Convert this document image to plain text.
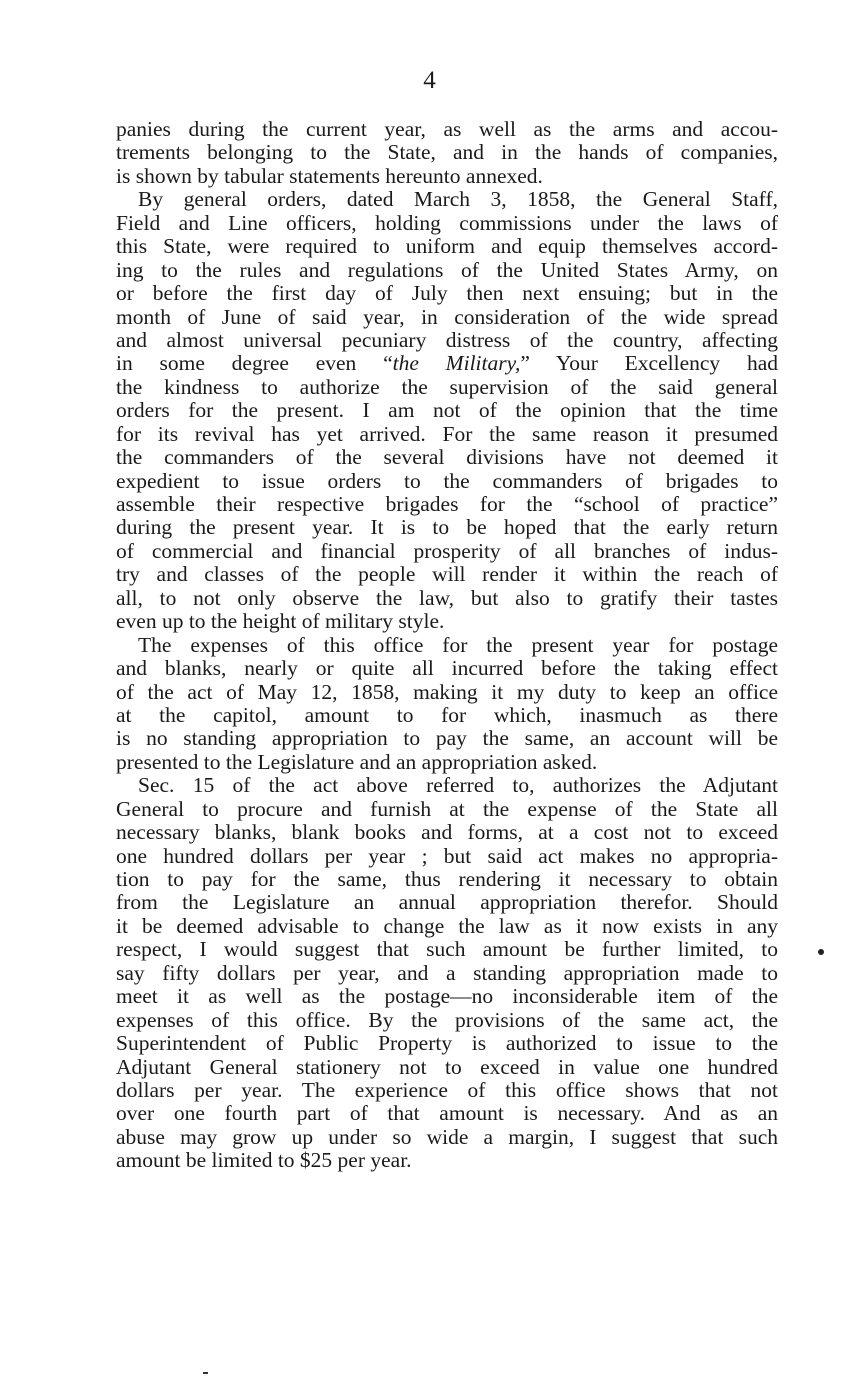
4
panies during the current year, as well as the arms and accou-
trements belonging to the State, and in the hands of companies,
is shown by tabular statements hereunto annexed.
By general orders, dated March 3, 1858, the General Staff,
Field and Line officers, holding commissions under the laws of
this State, were required to uniform and equip themselves accord-
ing to the rules and regulations of the United States Army, on
or before the first day of July then next ensuing; but in the
month of June of said year, in consideration of the wide spread
and almost universal pecuniary distress of the country, affecting
in some degree even “the Military,” Your Excellency had
the kindness to authorize the supervision of the said general
orders for the present. I am not of the opinion that the time
for its revival has yet arrived. For the same reason it presumed
the commanders of the several divisions have not deemed it
expedient to issue orders to the commanders of brigades to
assemble their respective brigades for the “school of practice”
during the present year. It is to be hoped that the early return
of commercial and financial prosperity of all branches of indus-
try and classes of the people will render it within the reach of
all, to not only observe the law, but also to gratify their tastes
even up to the height of military style.
The expenses of this office for the present year for postage
and blanks, nearly or quite all incurred before the taking effect
of the act of May 12, 1858, making it my duty to keep an office
at the capitol, amount to for which, inasmuch as there
is no standing appropriation to pay the same, an account will be
presented to the Legislature and an appropriation asked.
Sec. 15 of the act above referred to, authorizes the Adjutant
General to procure and furnish at the expense of the State all
necessary blanks, blank books and forms, at a cost not to exceed
one hundred dollars per year ; but said act makes no appropria-
tion to pay for the same, thus rendering it necessary to obtain
from the Legislature an annual appropriation therefor. Should
it be deemed advisable to change the law as it now exists in any
respect, I would suggest that such amount be further limited, to
say fifty dollars per year, and a standing appropriation made to
meet it as well as the postage—no inconsiderable item of the
expenses of this office. By the provisions of the same act, the
Superintendent of Public Property is authorized to issue to the
Adjutant General stationery not to exceed in value one hundred
dollars per year. The experience of this office shows that not
over one fourth part of that amount is necessary. And as an
abuse may grow up under so wide a margin, I suggest that such
amount be limited to $25 per year.
